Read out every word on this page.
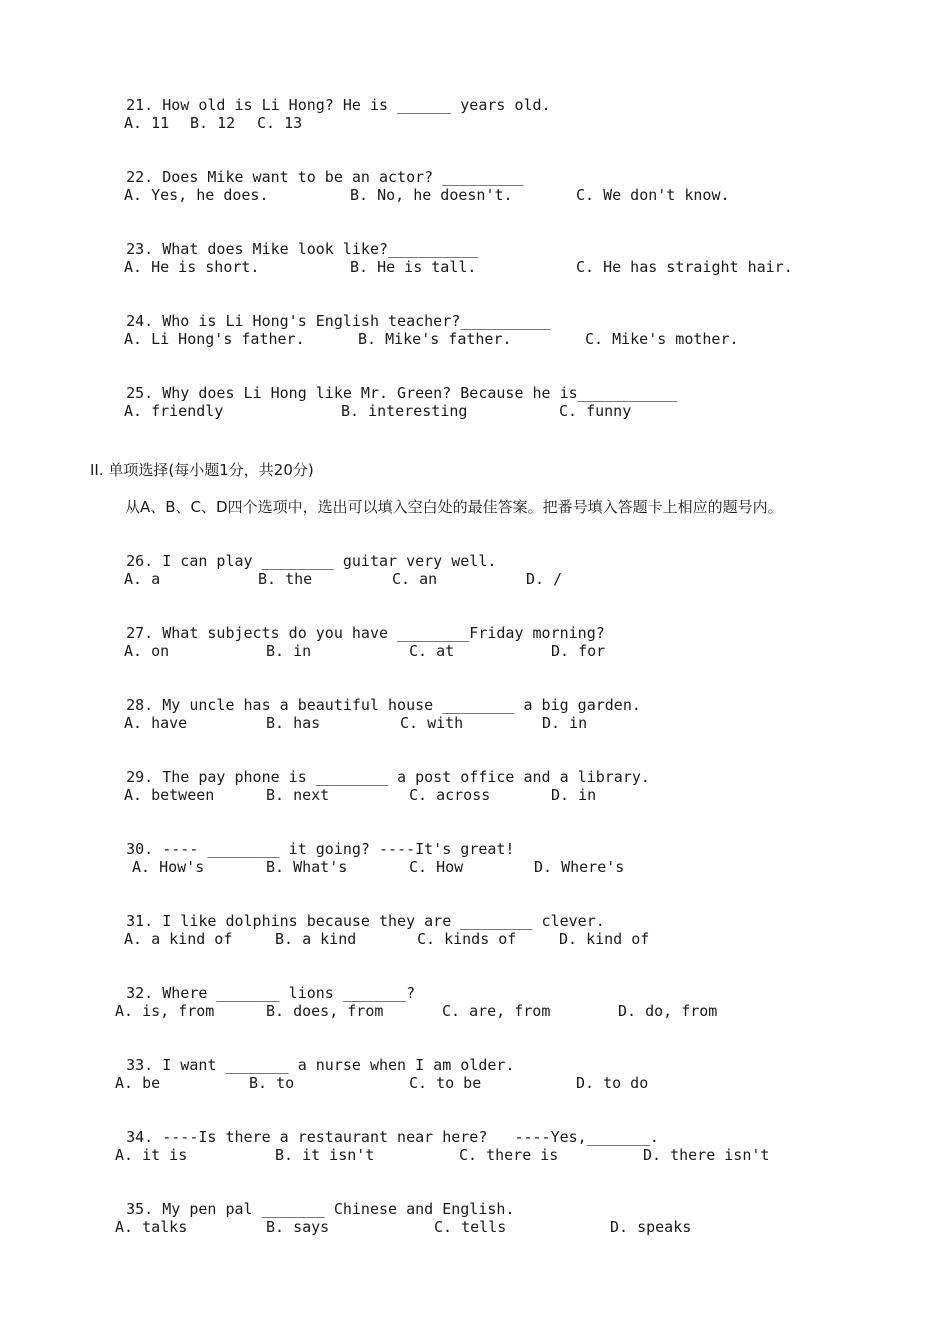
21. How old is Li Hong? He is ______ years old.

A. 11 B. 12 C. 13

22. Does Mike want to be an actor? _________

A. Yes, he does.	B. No, he doesn't.	C. We don't know.

23. What does Mike look like?__________

A. He is short.	B. He is tall.	C. He has straight hair.

24. Who is Li Hong's English teacher?__________

A. Li Hong's father.	B. Mike's father.	C. Mike's mother.

25. Why does Li Hong like Mr. Green? Because he is___________

A. friendly	B. interesting	C. funny
II. 单项选择(每小题1分，共20分)
从A、B、C、D四个选项中，选出可以填入空白处的最佳答案。把番号填入答题卡上相应的题号内。

26. I can play ________ guitar very well.

A. a	B. the	C. an	D. /

27. What subjects do you have ________Friday morning?

A. on	B. in	C. at	D. for

28. My uncle has a beautiful house ________ a big garden.

A. have	B. has	C. with	D. in

29. The pay phone is ________ a post office and a library.

A. between	B. next	C. across	D. in

30. ---- ________ it going? ----It's great!

A. How's	B. What's	C. How	D. Where's

31. I like dolphins because they are ________ clever.

A. a kind of	B. a kind	C. kinds of	D. kind of

32. Where _______ lions _______?

A. is, from	B. does, from	C. are, from	D. do, from

33. I want _______ a nurse when I am older.

A. be	B. to	C. to be	D. to do

34. ----Is there a restaurant near here?   ----Yes,_______.

A. it is	B. it isn't	C. there is	D. there isn't

35. My pen pal _______ Chinese and English.

A. talks	B. says	C. tells	D. speaks
